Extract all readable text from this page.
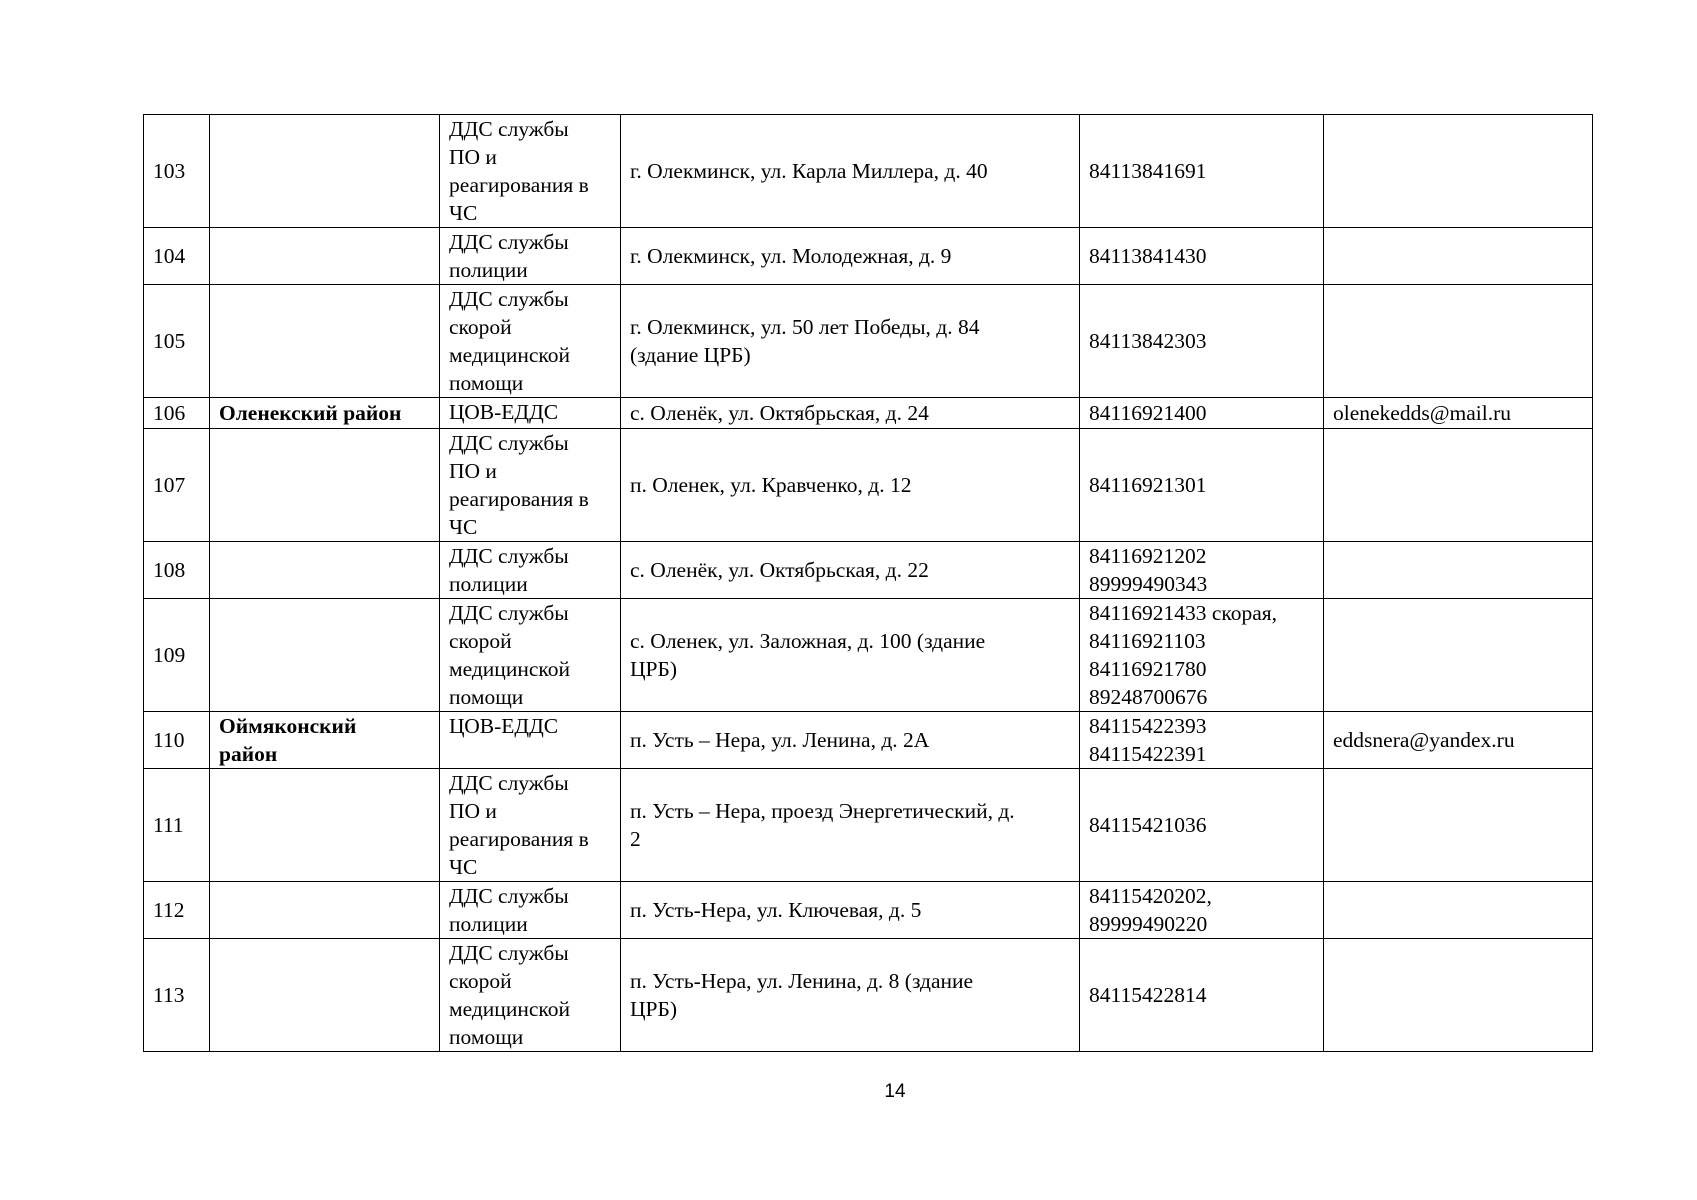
103		ДДС службы
ПО и
реагирования в
ЧС	г. Олекминск, ул. Карла Миллера, д. 40	84113841691	
104		ДДС службы
полиции	г. Олекминск, ул. Молодежная, д. 9	84113841430	
105		ДДС службы
скорой
медицинской
помощи	г. Олекминск, ул. 50 лет Победы, д. 84
(здание ЦРБ)	84113842303	
106	Оленекский район	ЦОВ-ЕДДС	с. Оленёк, ул. Октябрьская, д. 24	84116921400	olenekedds@mail.ru
107		ДДС службы
ПО и
реагирования в
ЧС	п. Оленек, ул. Кравченко, д. 12	84116921301	
108		ДДС службы
полиции	с. Оленёк, ул. Октябрьская, д. 22	84116921202
89999490343	
109		ДДС службы
скорой
медицинской
помощи	с. Оленек, ул. Заложная, д. 100 (здание
ЦРБ)	84116921433 скорая,
84116921103
84116921780
89248700676	
110	Оймяконский
район	ЦОВ-ЕДДС	п. Усть – Нера, ул. Ленина, д. 2А	84115422393
84115422391	eddsnera@yandex.ru
111		ДДС службы
ПО и
реагирования в
ЧС	п. Усть – Нера, проезд Энергетический, д.
2	84115421036	
112		ДДС службы
полиции	п. Усть-Нера, ул. Ключевая, д. 5	84115420202,
89999490220	
113		ДДС службы
скорой
медицинской
помощи	п. Усть-Нера, ул. Ленина, д. 8 (здание
ЦРБ)	84115422814	
14
